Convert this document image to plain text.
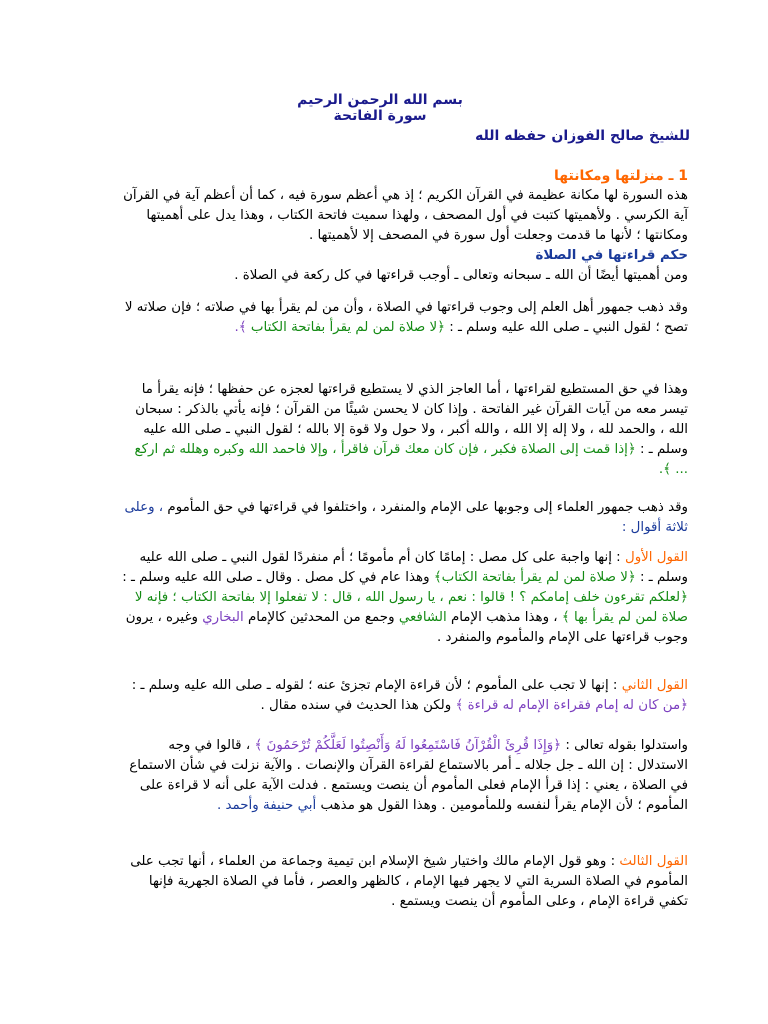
بسم الله الرحمن الرحيم
سورة الفاتحة
للشيخ صالح الفوزان حفظه الله

1 ـ منزلتها ومكانتها

هذه السورة لها مكانة عظيمة في القرآن الكريم ؛ إذ هي أعظم سورة فيه ، كما أن أعظم آية في القرآن آية الكرسي . ولأهميتها كتبت في أول المصحف ، ولهذا سميت فاتحة الكتاب ، وهذا يدل على أهميتها ومكانتها ؛ لأنها ما قدمت وجعلت أول سورة في المصحف إلا لأهميتها .

حكم قراءتها في الصلاة

ومن أهميتها أيضًا أن الله ـ سبحانه وتعالى ـ أوجب قراءتها في كل ركعة في الصلاة .

وقد ذهب جمهور أهل العلم إلى وجوب قراءتها في الصلاة ، وأن من لم يقرأ بها في صلاته ؛ فإن صلاته لا تصح ؛ لقول النبي ـ صلى الله عليه وسلم ـ : ﴿لا صلاة لمن لم يقرأ بفاتحة الكتاب ﴾.

وهذا في حق المستطيع لقراءتها ، أما العاجز الذي لا يستطيع قراءتها لعجزه عن حفظها ؛ فإنه يقرأ ما تيسر معه من آيات القرآن غير الفاتحة . وإذا كان لا يحسن شيئًا من القرآن ؛ فإنه يأتي بالذكر : سبحان الله ، والحمد لله ، ولا إله إلا الله ، والله أكبر ، ولا حول ولا قوة إلا بالله ؛ لقول النبي ـ صلى الله عليه وسلم ـ : ﴿إذا قمت إلى الصلاة فكبر ، فإن كان معك قرآن فاقرأ ، وإلا فاحمد الله وكبره وهلله ثم اركع ... ﴾.

وقد ذهب جمهور العلماء إلى وجوبها على الإمام والمنفرد ، واختلفوا في قراءتها في حق المأموم ، وعلى ثلاثة أقوال :

القول الأول : إنها واجبة على كل مصل : إمامًا كان أم مأمومًا ؛ أم منفردًا لقول النبي ـ صلى الله عليه وسلم ـ : ﴿لا صلاة لمن لم يقرأ بفاتحة الكتاب﴾ وهذا عام في كل مصل . وقال ـ صلى الله عليه وسلم ـ : ﴿لعلكم تقرءون خلف إمامكم ؟ ! قالوا : نعم ، يا رسول الله ، قال : لا تفعلوا إلا بفاتحة الكتاب ؛ فإنه لا صلاة لمن لم يقرأ بها ﴾ ، وهذا مذهب الإمام الشافعي وجمع من المحدثين كالإمام البخاري وغيره ، يرون وجوب قراءتها على الإمام والمأموم والمنفرد .

القول الثاني : إنها لا تجب على المأموم ؛ لأن قراءة الإمام تجزئ عنه ؛ لقوله ـ صلى الله عليه وسلم ـ : ﴿من كان له إمام فقراءة الإمام له قراءة ﴾ ولكن هذا الحديث في سنده مقال .

واستدلوا بقوله تعالى : ﴿وَإِذَا قُرِئَ الْقُرْآنُ فَاسْتَمِعُوا لَهُ وَأَنْصِتُوا لَعَلَّكُمْ تُرْحَمُونَ ﴾ ، قالوا في وجه الاستدلال : إن الله ـ جل جلاله ـ أمر بالاستماع لقراءة القرآن والإنصات . والآية نزلت في شأن الاستماع في الصلاة ، يعني : إذا قرأ الإمام فعلى المأموم أن ينصت ويستمع . فدلت الآية على أنه لا قراءة على المأموم ؛ لأن الإمام يقرأ لنفسه وللمأمومين . وهذا القول هو مذهب أبي حنيفة وأحمد .

القول الثالث : وهو قول الإمام مالك واختيار شيخ الإسلام ابن تيمية وجماعة من العلماء ، أنها تجب على المأموم في الصلاة السرية التي لا يجهر فيها الإمام ، كالظهر والعصر ، فأما في الصلاة الجهرية فإنها تكفي قراءة الإمام ، وعلى المأموم أن ينصت ويستمع .
